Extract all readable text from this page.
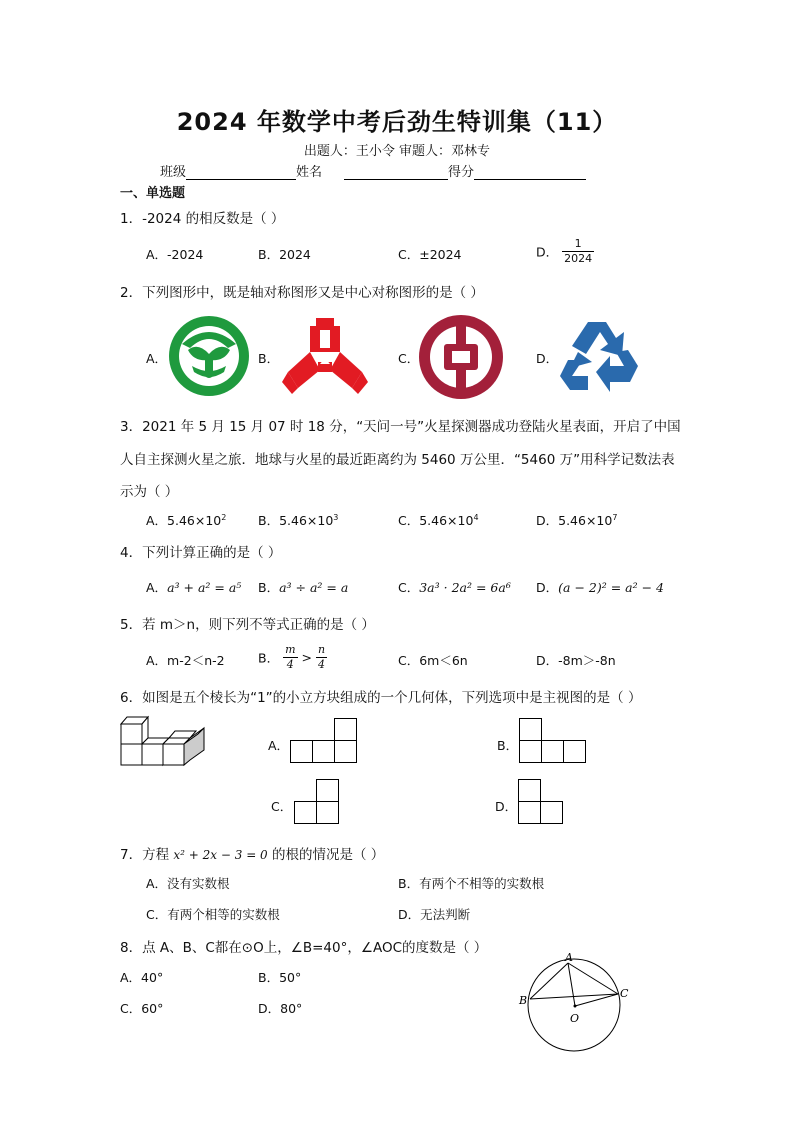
2024 年数学中考后劲生特训集（11）
出题人：王小令 审题人：邓林专
班级	姓名	得分
一、单选题
1．-2024 的相反数是（ ）
A．-2024	B．2024	C．±2024	D． $\frac{1}{2024}$
2．下列图形中，既是轴对称图形又是中心对称图形的是（ ）
A．	B．	C．	D．
3．2021 年 5 月 15 月 07 时 18 分，“天问一号”火星探测器成功登陆火星表面，开启了中国
人自主探测火星之旅．地球与火星的最近距离约为 5460 万公里．“5460 万”用科学记数法表
示为（ ）
A．$5.46\times 10^2$	B．$5.46\times 10^3$	C．$5.46\times 10^4$	D．$5.46\times 10^7$
4．下列计算正确的是（ ）
A．a³ + a² = a⁵ B．a³ ÷ a² = a	C．3a³ · 2a² = 6a⁶ D．(a − 2)² = a² − 4
5．若 m＞n，则下列不等式正确的是（ ）
A．m-2＜n-2	B． $\frac{m}{4} > \frac{n}{4}$	C．6m＜6n	D．-8m＞-8n
6．如图是五个棱长为“1”的小立方块组成的一个几何体，下列选项中是主视图的是（ ）
A．	B．
C．	D．
7．方程 x² + 2x − 3 = 0 的根的情况是（ ）
A．没有实数根	B．有两个不相等的实数根
C．有两个相等的实数根	D．无法判断
8．点 A、B、C都在⊙O上，∠B=40°，∠AOC的度数是（ ）
A．40°	B．50°
C．60°	D．80°
A
B
C
O
